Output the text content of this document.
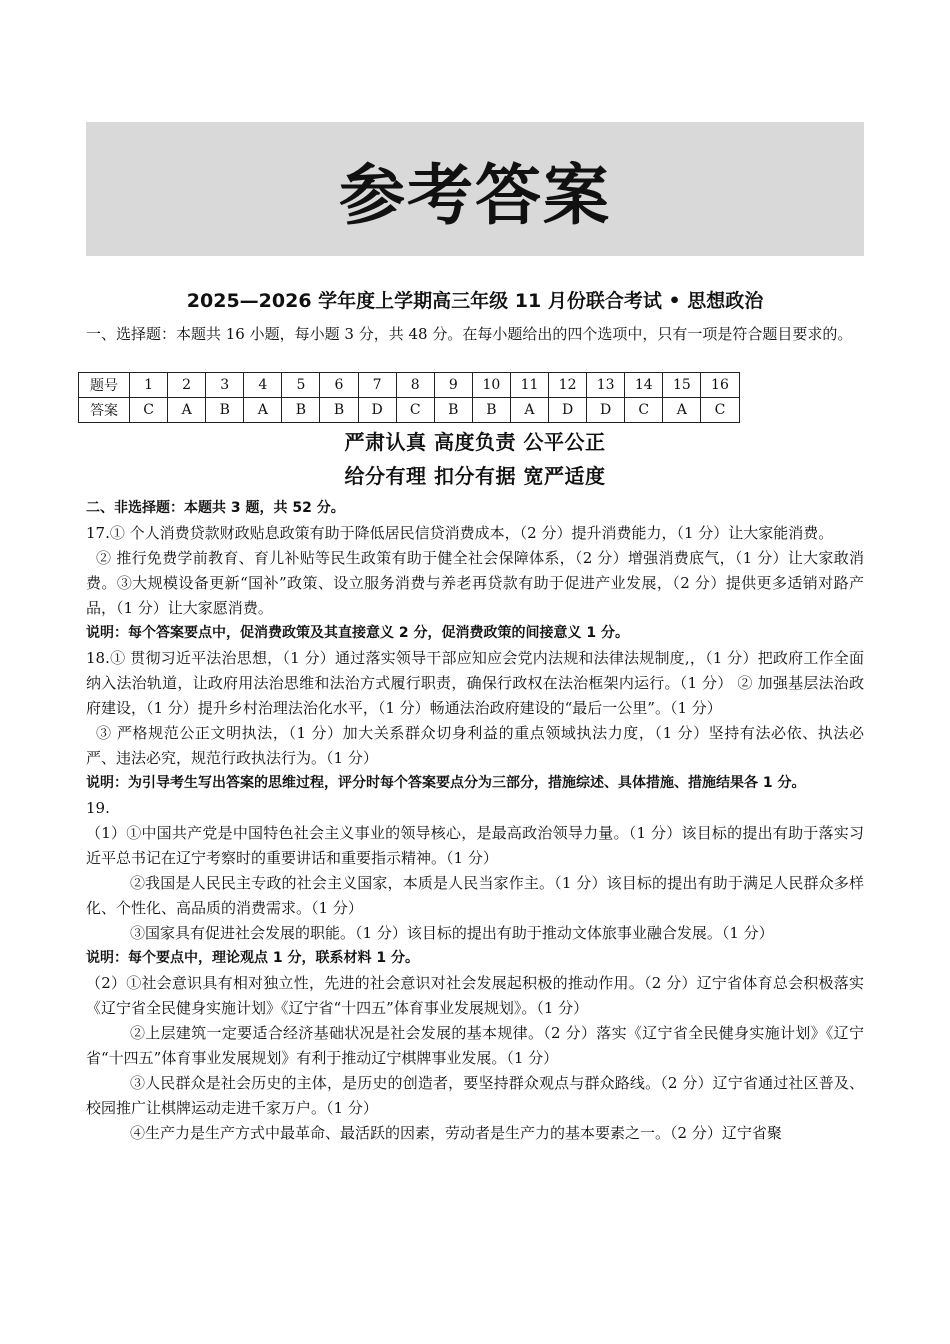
参考答案
2025—2026 学年度上学期高三年级 11 月份联合考试 • 思想政治

一、选择题：本题共 16 小题，每小题 3 分，共 48 分。在每小题给出的四个选项中，只有一项是符合题目要求的。

题号	1	2	3	4	5	6	7	8	9	10	11	12	13	14	15	16
答案	C	A	B	A	B	B	D	C	B	B	A	D	D	C	A	C
严肃认真 高度负责 公平公正
给分有理 扣分有据 宽严适度

二、非选择题：本题共 3 题，共 52 分。

17.① 个人消费贷款财政贴息政策有助于降低居民信贷消费成本，（2 分）提升消费能力，（1 分）让大家能消费。

② 推行免费学前教育、育儿补贴等民生政策有助于健全社会保障体系，（2 分）增强消费底气，（1 分）让大家敢消费。③大规模设备更新“国补”政策、设立服务消费与养老再贷款有助于促进产业发展，（2 分）提供更多适销对路产品，（1 分）让大家愿消费。

说明：每个答案要点中，促消费政策及其直接意义 2 分，促消费政策的间接意义 1 分。

18.① 贯彻习近平法治思想，（1 分）通过落实领导干部应知应会党内法规和法律法规制度,，（1 分）把政府工作全面纳入法治轨道，让政府用法治思维和法治方式履行职责，确保行政权在法治框架内运行。（1 分） ② 加强基层法治政府建设，（1 分）提升乡村治理法治化水平，（1 分）畅通法治政府建设的“最后一公里”。（1 分）

③ 严格规范公正文明执法，（1 分）加大关系群众切身利益的重点领域执法力度，（1 分）坚持有法必依、执法必严、违法必究，规范行政执法行为。（1 分）

说明：为引导考生写出答案的思维过程，评分时每个答案要点分为三部分，措施综述、具体措施、措施结果各 1 分。

19.

（1）①中国共产党是中国特色社会主义事业的领导核心，是最高政治领导力量。（1 分）该目标的提出有助于落实习近平总书记在辽宁考察时的重要讲话和重要指示精神。（1 分）

②我国是人民民主专政的社会主义国家，本质是人民当家作主。（1 分）该目标的提出有助于满足人民群众多样化、个性化、高品质的消费需求。（1 分）

③国家具有促进社会发展的职能。（1 分）该目标的提出有助于推动文体旅事业融合发展。（1 分）

说明：每个要点中，理论观点 1 分，联系材料 1 分。

（2）①社会意识具有相对独立性，先进的社会意识对社会发展起积极的推动作用。（2 分）辽宁省体育总会积极落实《辽宁省全民健身实施计划》《辽宁省“十四五”体育事业发展规划》。（1 分）

②上层建筑一定要适合经济基础状况是社会发展的基本规律。（2 分）落实《辽宁省全民健身实施计划》《辽宁省“十四五”体育事业发展规划》有利于推动辽宁棋牌事业发展。（1 分）

③人民群众是社会历史的主体，是历史的创造者，要坚持群众观点与群众路线。（2 分）辽宁省通过社区普及、校园推广让棋牌运动走进千家万户。（1 分）

④生产力是生产方式中最革命、最活跃的因素，劳动者是生产力的基本要素之一。（2 分）辽宁省聚
